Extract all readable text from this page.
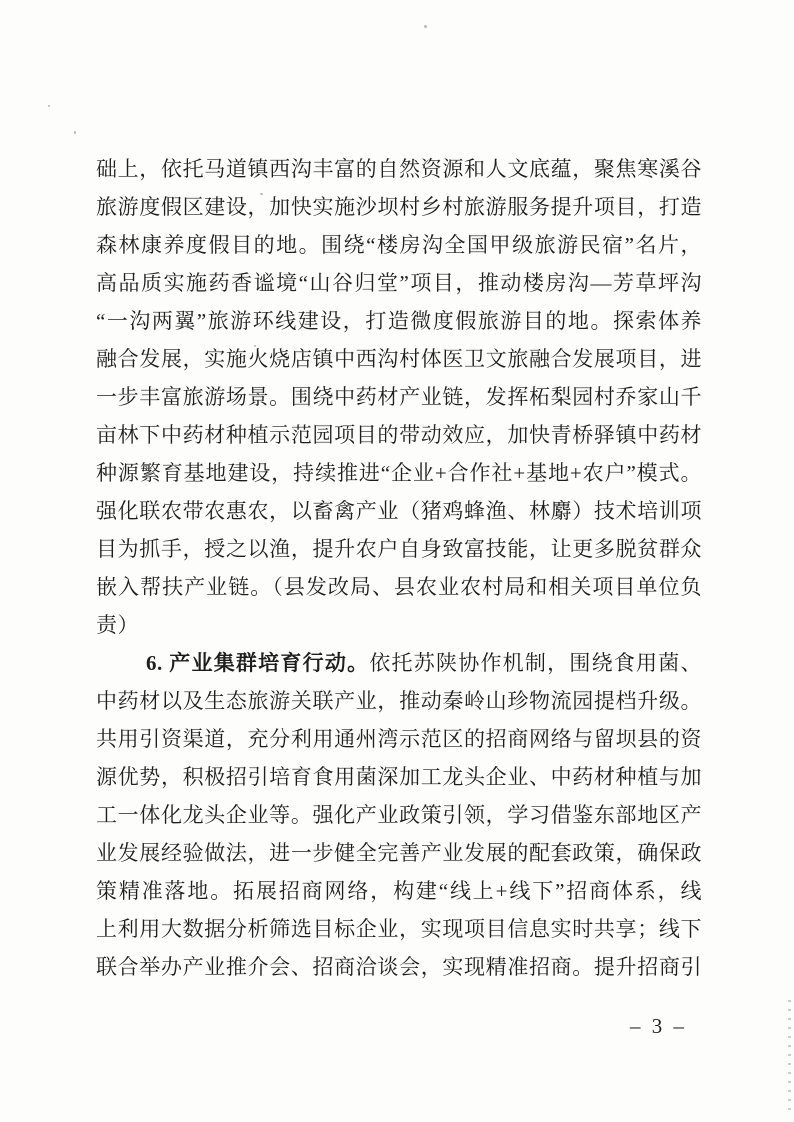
础上，依托马道镇西沟丰富的自然资源和人文底蕴，聚焦寒溪谷
旅游度假区建设，加快实施沙坝村乡村旅游服务提升项目，打造
森林康养度假目的地。围绕“楼房沟全国甲级旅游民宿”名片，
高品质实施药香谧境“山谷归堂”项目，推动楼房沟—芳草坪沟
“一沟两翼”旅游环线建设，打造微度假旅游目的地。探索体养
融合发展，实施火烧店镇中西沟村体医卫文旅融合发展项目，进
一步丰富旅游场景。围绕中药材产业链，发挥柘梨园村乔家山千
亩林下中药材种植示范园项目的带动效应，加快青桥驿镇中药材
种源繁育基地建设，持续推进“企业+合作社+基地+农户”模式。
强化联农带农惠农，以畜禽产业（猪鸡蜂渔、林麝）技术培训项
目为抓手，授之以渔，提升农户自身致富技能，让更多脱贫群众
嵌入帮扶产业链。（县发改局、县农业农村局和相关项目单位负
责）
6. 产业集群培育行动。依托苏陕协作机制，围绕食用菌、
中药材以及生态旅游关联产业，推动秦岭山珍物流园提档升级。
共用引资渠道，充分利用通州湾示范区的招商网络与留坝县的资
源优势，积极招引培育食用菌深加工龙头企业、中药材种植与加
工一体化龙头企业等。强化产业政策引领，学习借鉴东部地区产
业发展经验做法，进一步健全完善产业发展的配套政策，确保政
策精准落地。拓展招商网络，构建“线上+线下”招商体系，线
上利用大数据分析筛选目标企业，实现项目信息实时共享；线下
联合举办产业推介会、招商洽谈会，实现精准招商。提升招商引
– 3 –
